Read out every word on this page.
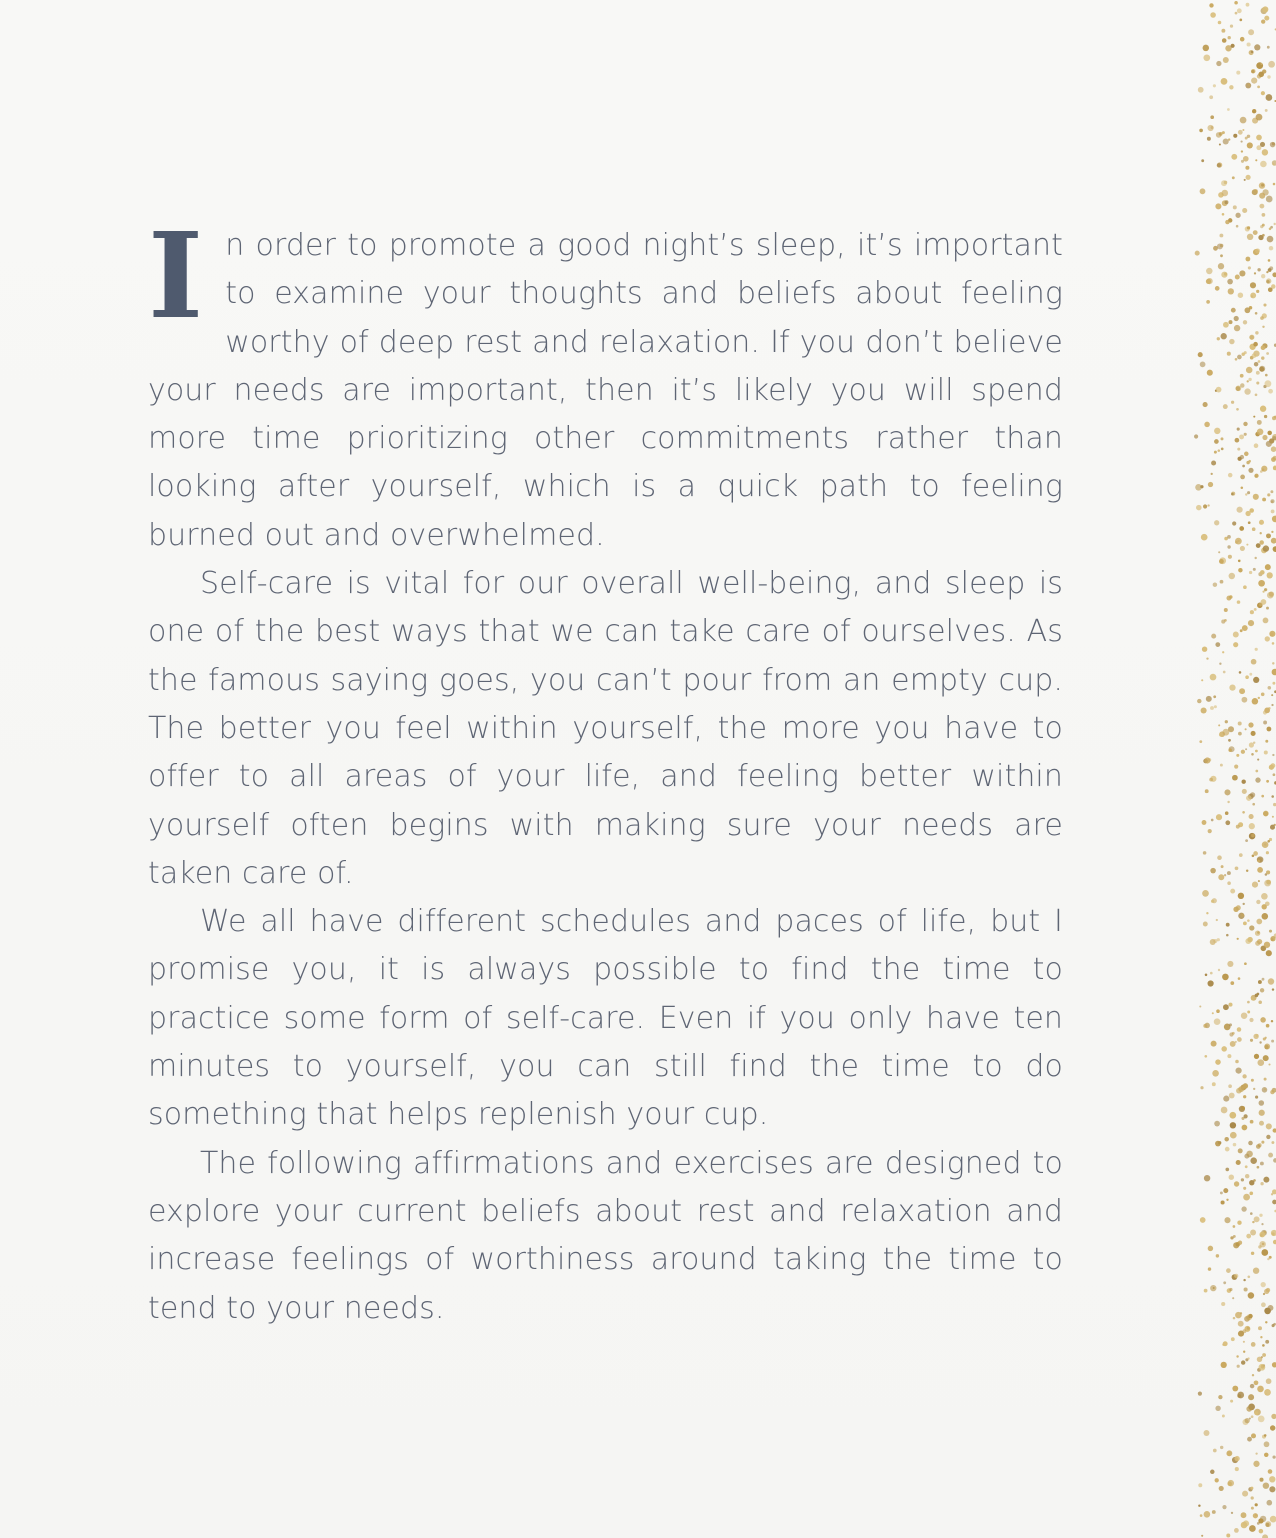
In order to promote a good night’s sleep, it’s important to examine your thoughts and beliefs about feeling worthy of deep rest and relaxation. If you don’t believe your needs are important, then it’s likely you will spend more time prioritizing other commitments rather than looking after yourself, which is a quick path to feeling burned out and overwhelmed.

Self-care is vital for our overall well-being, and sleep is one of the best ways that we can take care of ourselves. As the famous saying goes, you can’t pour from an empty cup. The better you feel within yourself, the more you have to offer to all areas of your life, and feeling better within yourself often begins with making sure your needs are taken care of.

We all have different schedules and paces of life, but I promise you, it is always possible to find the time to practice some form of self-care. Even if you only have ten minutes to yourself, you can still find the time to do something that helps replenish your cup.

The following affirmations and exercises are designed to explore your current beliefs about rest and relaxation and increase feelings of worthiness around taking the time to tend to your needs.
